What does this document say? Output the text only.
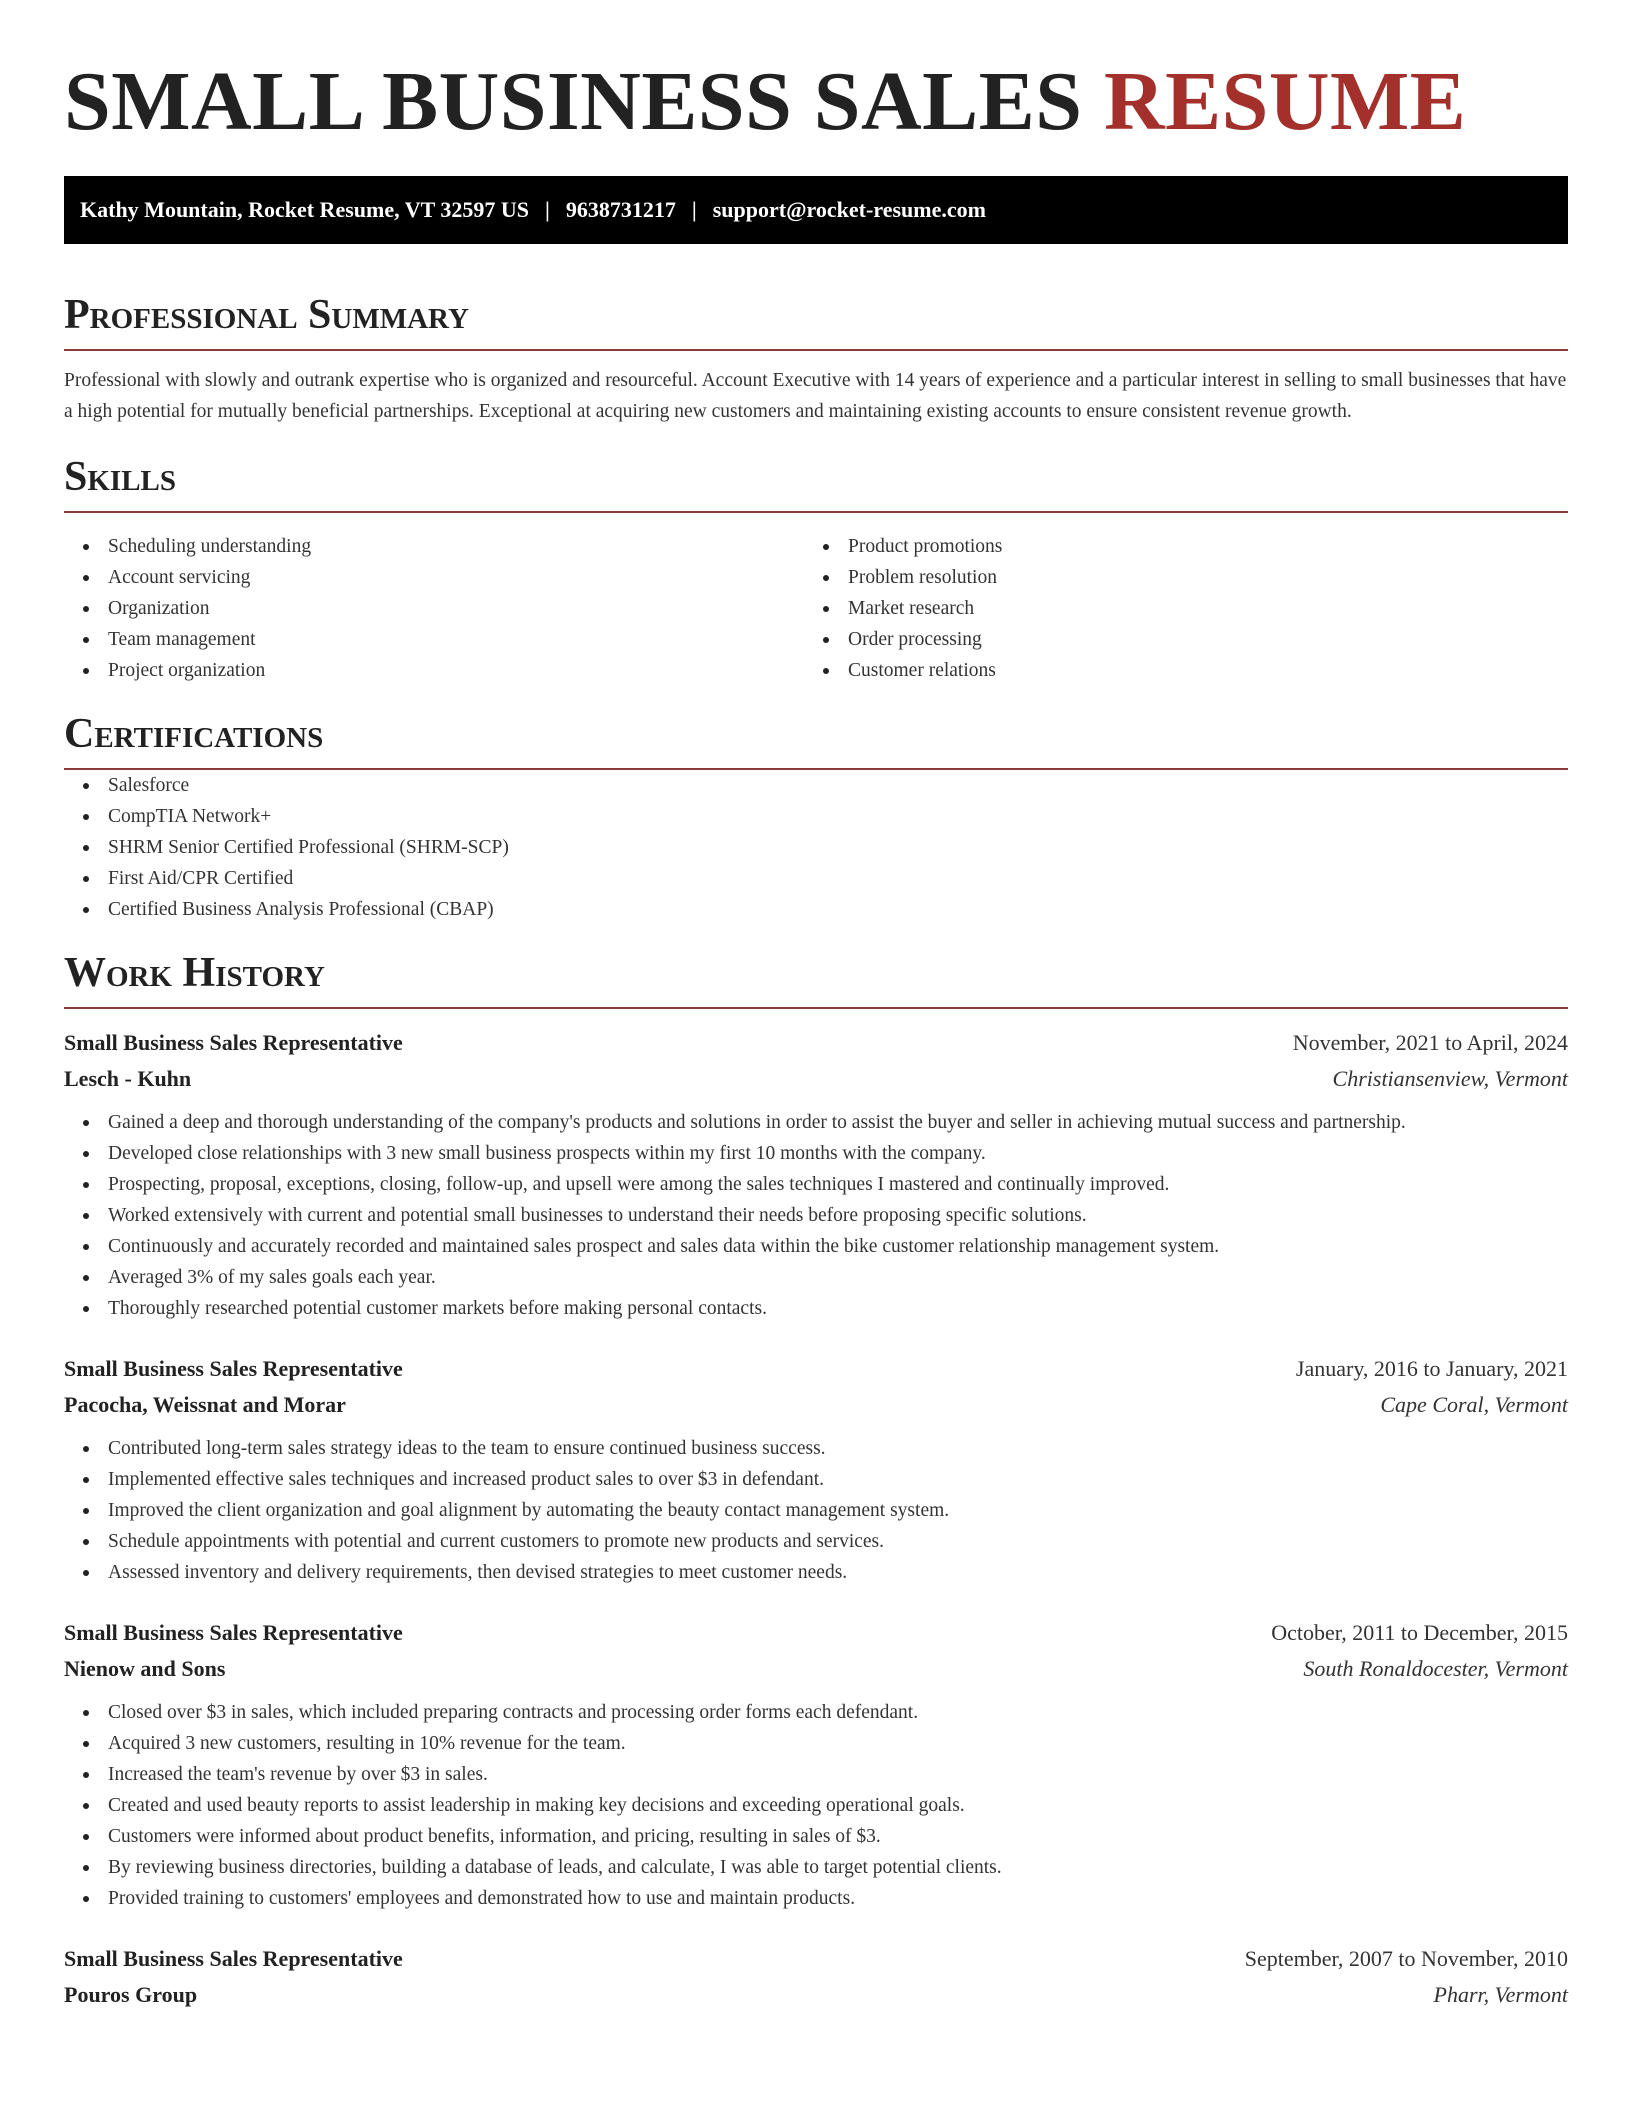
SMALL BUSINESS SALES RESUME
Kathy Mountain, Rocket Resume, VT 32597 US | 9638731217 | support@rocket-resume.com
Professional Summary

Professional with slowly and outrank expertise who is organized and resourceful. Account Executive with 14 years of experience and a particular interest in selling to small businesses that have a high potential for mutually beneficial partnerships. Exceptional at acquiring new customers and maintaining existing accounts to ensure consistent revenue growth.

Skills
Scheduling understanding
Account servicing
Organization
Team management
Project organization
Product promotions
Problem resolution
Market research
Order processing
Customer relations
Certifications
Salesforce
CompTIA Network+
SHRM Senior Certified Professional (SHRM-SCP)
First Aid/CPR Certified
Certified Business Analysis Professional (CBAP)
Work History
Small Business Sales Representative	November, 2021 to April, 2024
Lesch - Kuhn	Christiansenview, Vermont
Gained a deep and thorough understanding of the company's products and solutions in order to assist the buyer and seller in achieving mutual success and partnership.
Developed close relationships with 3 new small business prospects within my first 10 months with the company.
Prospecting, proposal, exceptions, closing, follow-up, and upsell were among the sales techniques I mastered and continually improved.
Worked extensively with current and potential small businesses to understand their needs before proposing specific solutions.
Continuously and accurately recorded and maintained sales prospect and sales data within the bike customer relationship management system.
Averaged 3% of my sales goals each year.
Thoroughly researched potential customer markets before making personal contacts.
Small Business Sales Representative	January, 2016 to January, 2021
Pacocha, Weissnat and Morar	Cape Coral, Vermont
Contributed long-term sales strategy ideas to the team to ensure continued business success.
Implemented effective sales techniques and increased product sales to over $3 in defendant.
Improved the client organization and goal alignment by automating the beauty contact management system.
Schedule appointments with potential and current customers to promote new products and services.
Assessed inventory and delivery requirements, then devised strategies to meet customer needs.
Small Business Sales Representative	October, 2011 to December, 2015
Nienow and Sons	South Ronaldocester, Vermont
Closed over $3 in sales, which included preparing contracts and processing order forms each defendant.
Acquired 3 new customers, resulting in 10% revenue for the team.
Increased the team's revenue by over $3 in sales.
Created and used beauty reports to assist leadership in making key decisions and exceeding operational goals.
Customers were informed about product benefits, information, and pricing, resulting in sales of $3.
By reviewing business directories, building a database of leads, and calculate, I was able to target potential clients.
Provided training to customers' employees and demonstrated how to use and maintain products.
Small Business Sales Representative	September, 2007 to November, 2010
Pouros Group	Pharr, Vermont
